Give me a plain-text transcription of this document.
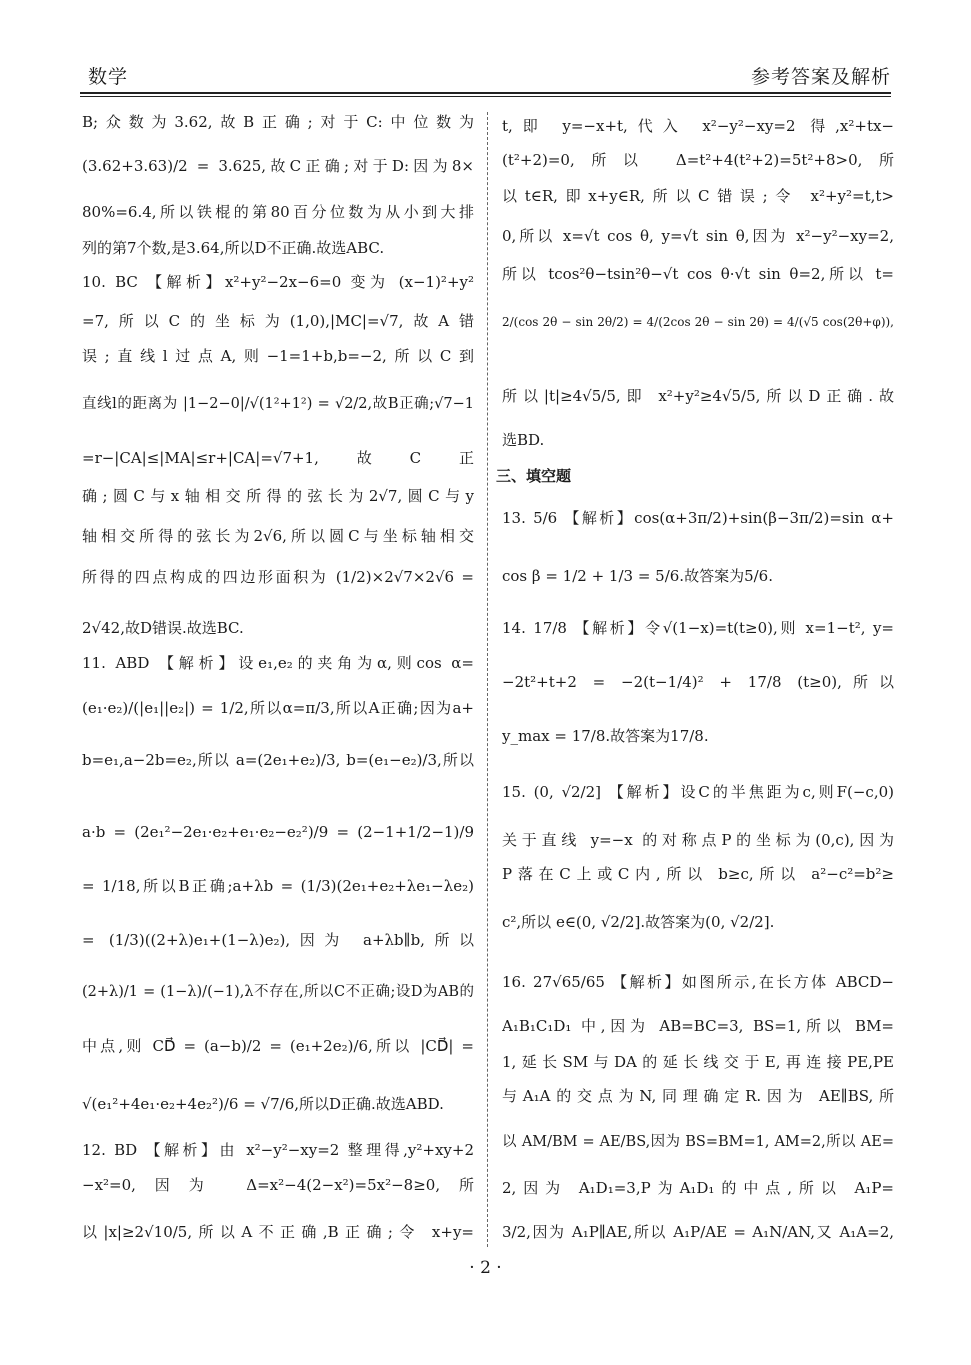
数学	参考答案及解析
B;众数为3.62,故B正确;对于C:中位数为
(3.62+3.63)/2 = 3.625,故C正确;对于D:因为8×
80%=6.4,所以铁棍的第80百分位数为从小到大排
列的第7个数,是3.64,所以D不正确.故选ABC.
10. BC 【解析】x²+y²−2x−6=0 变为 (x−1)²+y²
=7,所以C的坐标为(1,0),|MC|=√7,故A错
误;直线l过点A,则−1=1+b,b=−2,所以C到
直线l的距离为 |1−2−0|/√(1²+1²) = √2/2,故B正确;√7−1
=r−|CA|≤|MA|≤r+|CA|=√7+1,故C正
确;圆C与x轴相交所得的弦长为2√7,圆C与y
轴相交所得的弦长为2√6,所以圆C与坐标轴相交
所得的四点构成的四边形面积为 (1/2)×2√7×2√6 =
2√42,故D错误.故选BC.
11. ABD 【解析】设e₁,e₂的夹角为α,则cos α=
(e₁·e₂)/(|e₁||e₂|) = 1/2,所以α=π/3,所以A正确;因为a+
b=e₁,a−2b=e₂,所以 a=(2e₁+e₂)/3, b=(e₁−e₂)/3,所以
a·b = (2e₁²−2e₁·e₂+e₁·e₂−e₂²)/9 = (2−1+1/2−1)/9
= 1/18,所以B正确;a+λb = (1/3)(2e₁+e₂+λe₁−λe₂)
= (1/3)((2+λ)e₁+(1−λ)e₂),因为 a+λb∥b,所以
(2+λ)/1 = (1−λ)/(−1),λ不存在,所以C不正确;设D为AB的
中点,则 CD⃗ = (a−b)/2 = (e₁+2e₂)/6,所以 |CD⃗| =
√(e₁²+4e₁·e₂+4e₂²)/6 = √7/6,所以D正确.故选ABD.
12. BD 【解析】由 x²−y²−xy=2 整理得,y²+xy+2
−x²=0,因为 Δ=x²−4(2−x²)=5x²−8≥0,所
以|x|≥2√10/5,所以A不正确,B正确;令 x+y=
t,即 y=−x+t,代入 x²−y²−xy=2 得,x²+tx−
(t²+2)=0,所以 Δ=t²+4(t²+2)=5t²+8>0,所
以t∈R,即x+y∈R,所以C错误;令 x²+y²=t,t>
0,所以 x=√t cos θ, y=√t sin θ,因为 x²−y²−xy=2,
所以 tcos²θ−tsin²θ−√t cos θ·√t sin θ=2,所以 t=
2/(cos 2θ − sin 2θ/2) = 4/(2cos 2θ − sin 2θ) = 4/(√5 cos(2θ+φ)),
所以|t|≥4√5/5,即 x²+y²≥4√5/5,所以D正确.故
选BD.
三、填空题
13. 5/6 【解析】cos(α+3π/2)+sin(β−3π/2)=sin α+
cos β = 1/2 + 1/3 = 5/6.故答案为5/6.
14. 17/8 【解析】令√(1−x)=t(t≥0),则 x=1−t², y=
−2t²+t+2 = −2(t−1/4)² + 17/8 (t≥0),所以
y_max = 17/8.故答案为17/8.
15. (0, √2/2] 【解析】设C的半焦距为c,则F(−c,0)
关于直线 y=−x 的对称点P的坐标为(0,c),因为
P落在C上或C内,所以 b≥c,所以 a²−c²=b²≥
c²,所以 e∈(0, √2/2].故答案为(0, √2/2].
16. 27√65/65 【解析】如图所示,在长方体 ABCD−
A₁B₁C₁D₁ 中,因为 AB=BC=3, BS=1,所以 BM=
1,延长SM与DA的延长线交于E,再连接PE,PE
与A₁A的交点为N,同理确定R.因为 AE∥BS,所
以 AM/BM = AE/BS,因为 BS=BM=1, AM=2,所以 AE=
2,因为 A₁D₁=3,P为A₁D₁的中点,所以 A₁P=
3/2,因为 A₁P∥AE,所以 A₁P/AE = A₁N/AN,又 A₁A=2,
· 2 ·
